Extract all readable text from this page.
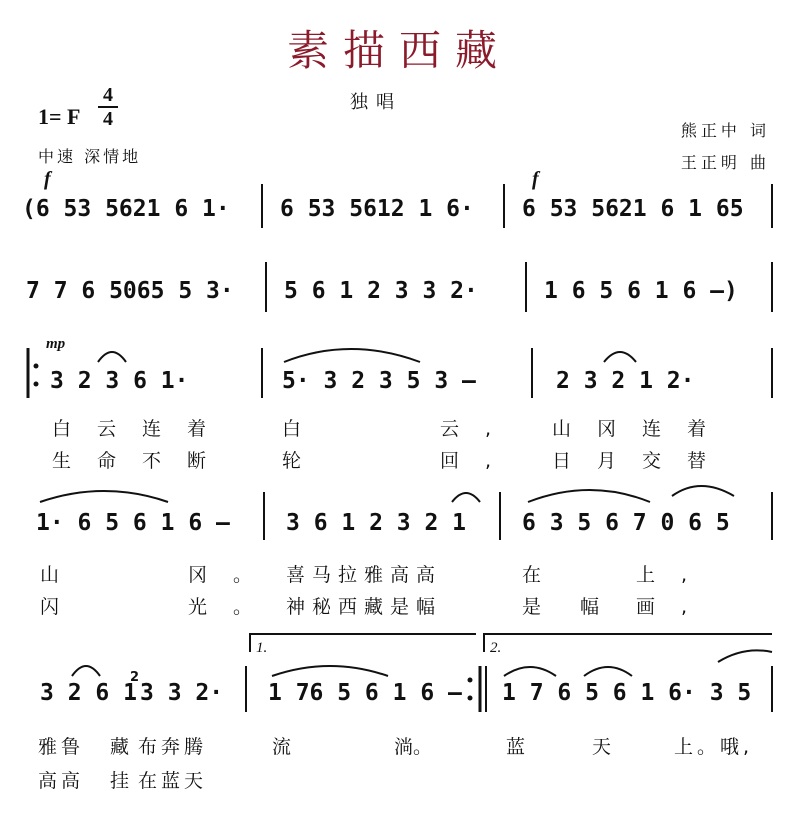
素描西藏
独唱
1= F
4
4
中速 深情地
熊正中 词
王正明 曲
f	f
mp
(6 53 5621 6 1· 6 53 5612 1 6· 6 53 5621 6 1 65
7 7 6 5065 5 3· 5 6 1 2 3 3 2·	1 6 5 6 1 6 –)
3 2 3 6 1·	5· 3 2 3 5 3 –	2 3 2 1 2·
白云连着	白	云, 山冈连着
生命不断	轮	回, 日月交替
1· 6 5 6 1 6 – 3 6 1 2 3 2 1 6 3 5 6 7 0 6 5
山	冈。 喜马拉雅高高	在	上,
闪	光。 神秘西藏是幅	是 幅 画,
1.	2.
3 2 6 1
2
3 3 2· 1 76 5 6 1 6 – 1 7 6 5 6 1 6· 3 5
雅鲁 藏 布奔腾	流	淌。	蓝	天	上。哦,
高高 挂 在蓝天
